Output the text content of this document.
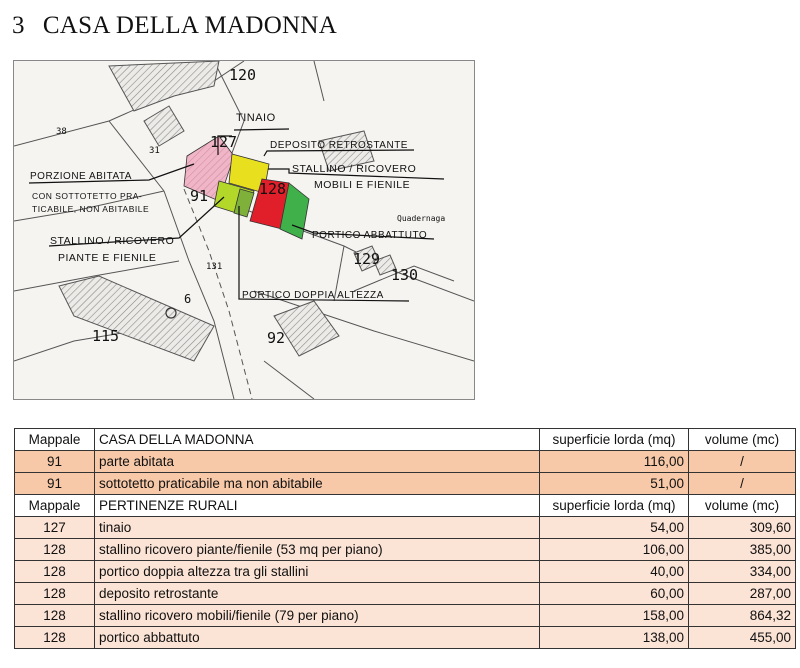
3 CASA DELLA MADONNA
120
127
128
91
129
130
131
115	92
6
38
31
Quadernaga
TINAIO
DEPOSITO RETROSTANTE
STALLINO / RICOVERO
MOBILI E FIENILE
PORZIONE ABITATA
CON SOTTOTETTO PRA-
TICABILE, NON ABITABILE
STALLINO / RICOVERO
PIANTE E FIENILE
PORTICO ABBATTUTO
PORTICO DOPPIA ALTEZZA
Mappale	CASA DELLA MADONNA	superficie lorda (mq)	volume (mc)
91	parte abitata	116,00	/
91	sottotetto praticabile ma non abitabile	51,00	/
Mappale	PERTINENZE RURALI	superficie lorda (mq)	volume (mc)
127	tinaio	54,00	309,60
128	stallino ricovero piante/fienile (53 mq per piano)	106,00	385,00
128	portico doppia altezza tra gli stallini	40,00	334,00
128	deposito retrostante	60,00	287,00
128	stallino ricovero mobili/fienile (79 per piano)	158,00	864,32
128	portico abbattuto	138,00	455,00
